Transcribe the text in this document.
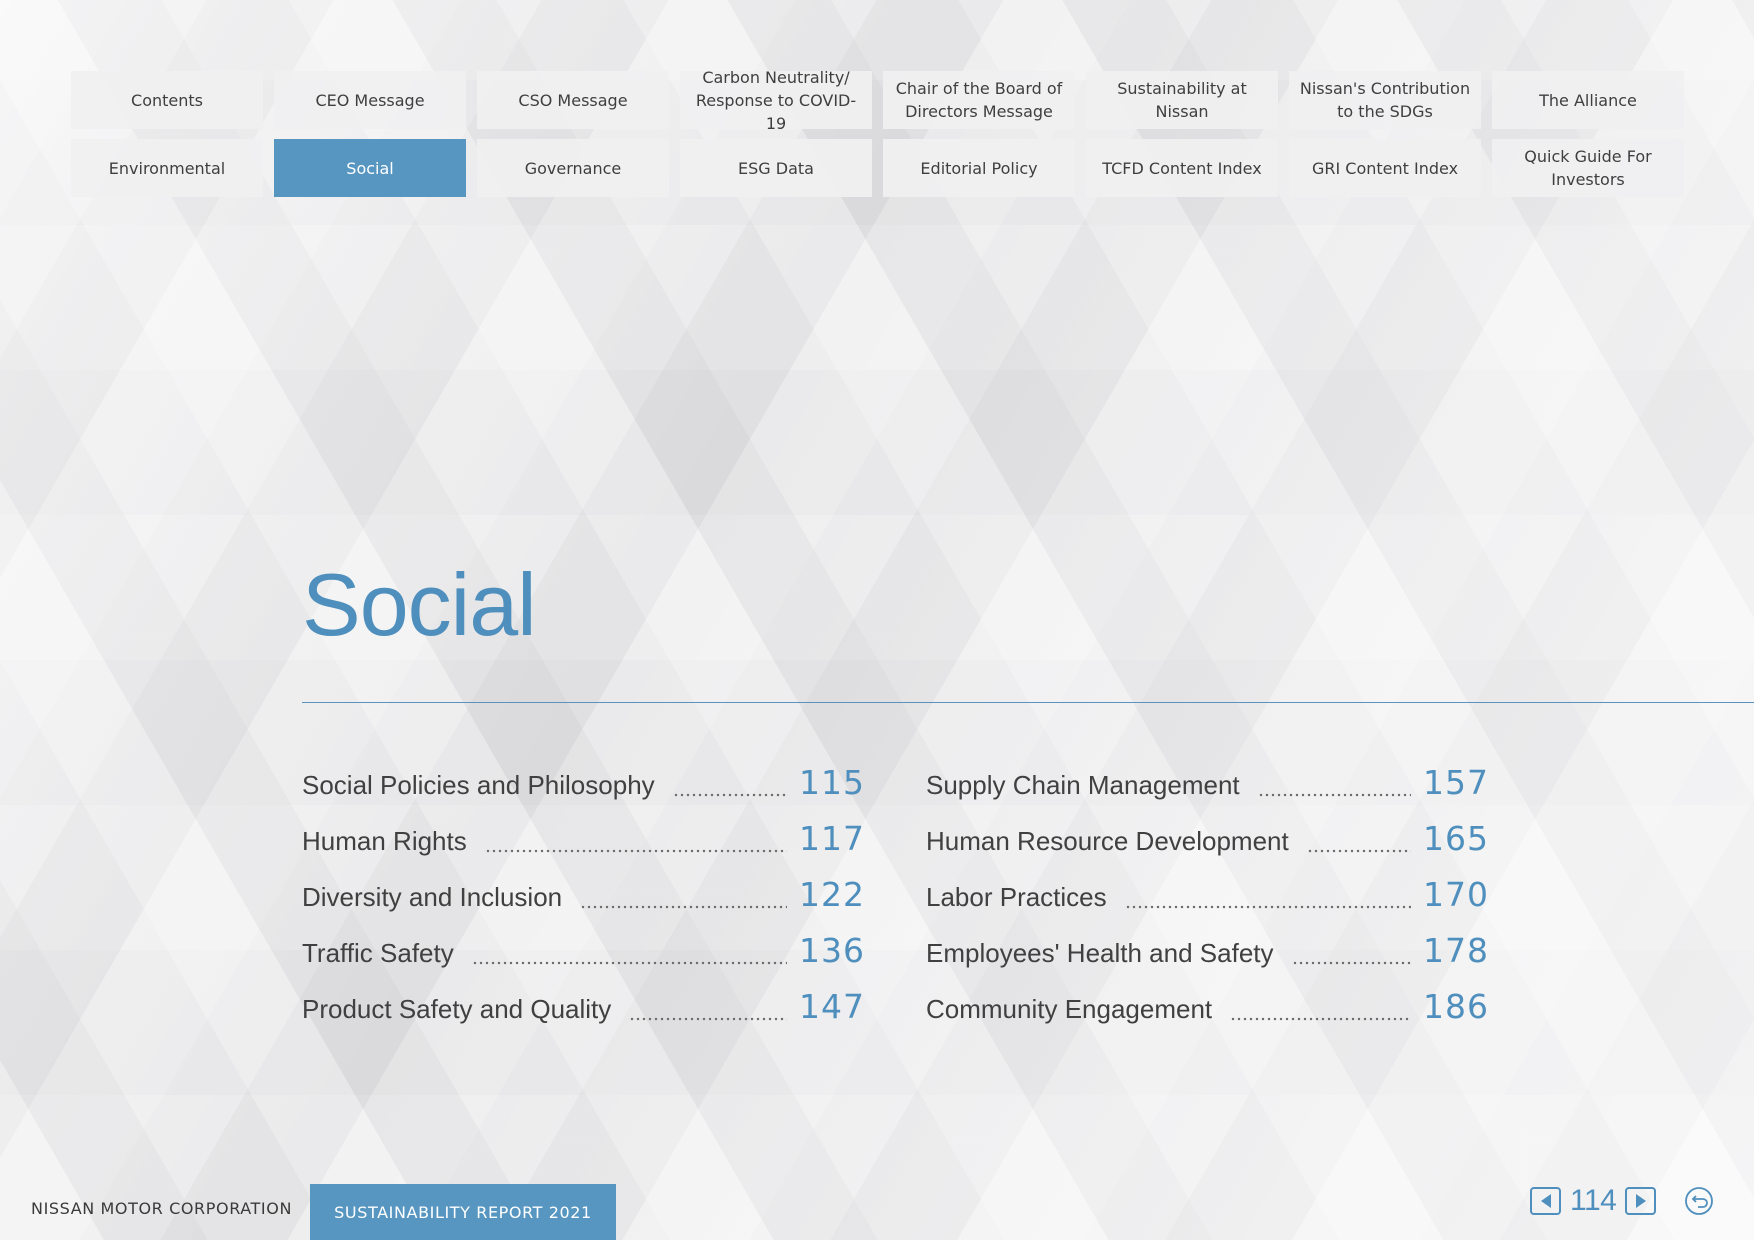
Contents	CEO Message	CSO Message
Carbon Neutrality/
Response to COVID-19
Chair of the Board of
Directors Message
Sustainability at Nissan
Nissan's Contribution
to the SDGs
The Alliance
Environmental	Social	Governance	ESG Data	Editorial Policy	TCFD Content Index	GRI Content Index
Quick Guide For
Investors
Social
Social Policies and Philosophy	115
Human Rights	117
Diversity and Inclusion	122
Traffic Safety	136
Product Safety and Quality	147
Supply Chain Management	157
Human Resource Development	165
Labor Practices	170
Employees' Health and Safety	178
Community Engagement	186
NISSAN MOTOR CORPORATION	SUSTAINABILITY REPORT 2021	114
